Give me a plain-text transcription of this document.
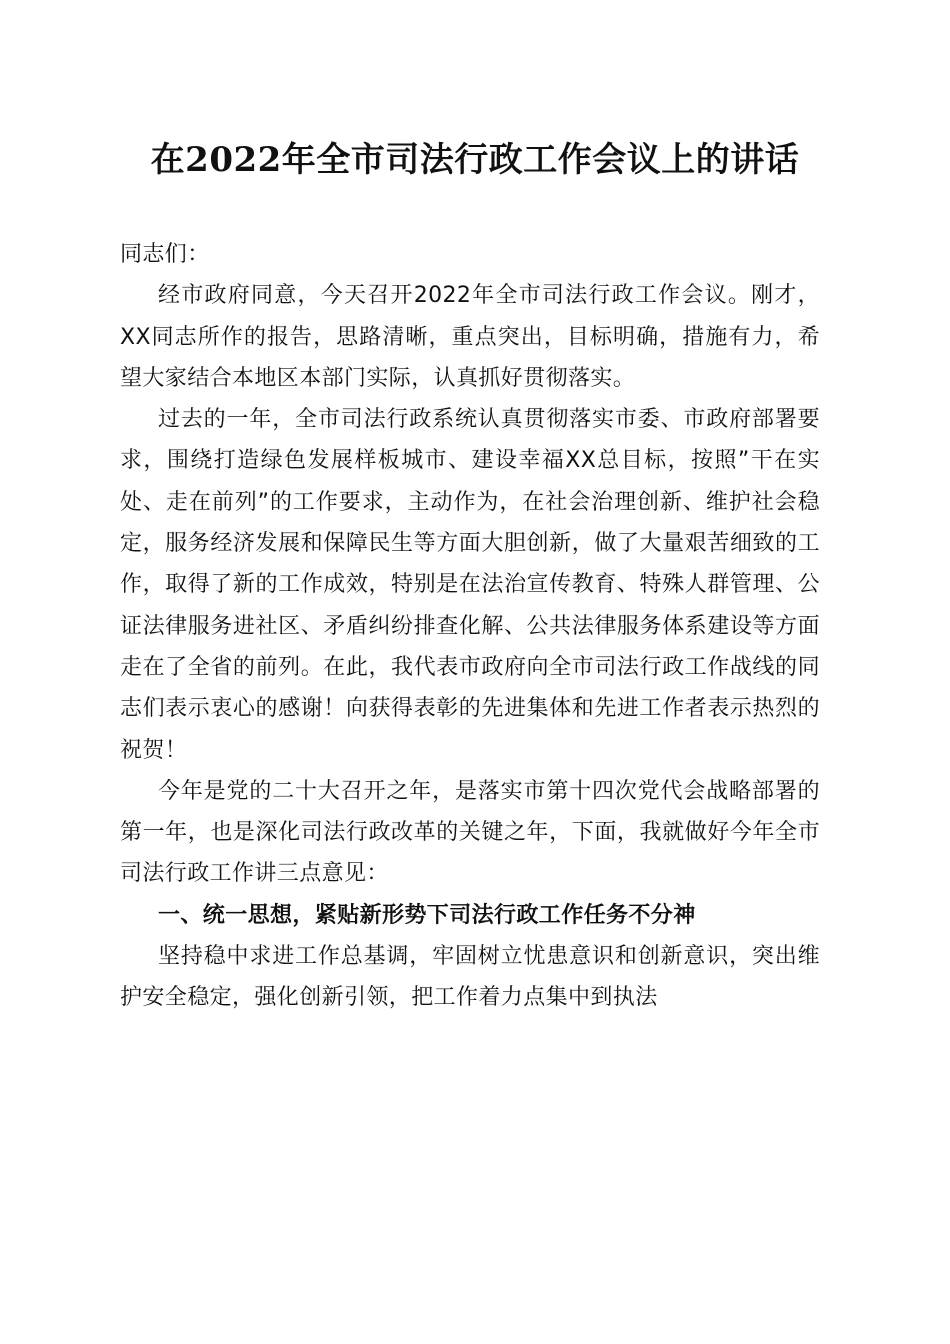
在2022年全市司法行政工作会议上的讲话

同志们：

经市政府同意，今天召开2022年全市司法行政工作会议。刚才，XX同志所作的报告，思路清晰，重点突出，目标明确，措施有力，希望大家结合本地区本部门实际，认真抓好贯彻落实。

过去的一年，全市司法行政系统认真贯彻落实市委、市政府部署要求，围绕打造绿色发展样板城市、建设幸福XX总目标，按照”干在实处、走在前列”的工作要求，主动作为，在社会治理创新、维护社会稳定，服务经济发展和保障民生等方面大胆创新，做了大量艰苦细致的工作，取得了新的工作成效，特别是在法治宣传教育、特殊人群管理、公证法律服务进社区、矛盾纠纷排查化解、公共法律服务体系建设等方面走在了全省的前列。在此，我代表市政府向全市司法行政工作战线的同志们表示衷心的感谢！向获得表彰的先进集体和先进工作者表示热烈的祝贺！

今年是党的二十大召开之年，是落实市第十四次党代会战略部署的第一年，也是深化司法行政改革的关键之年，下面，我就做好今年全市司法行政工作讲三点意见：

一、统一思想，紧贴新形势下司法行政工作任务不分神

坚持稳中求进工作总基调，牢固树立忧患意识和创新意识，突出维护安全稳定，强化创新引领，把工作着力点集中到执法
